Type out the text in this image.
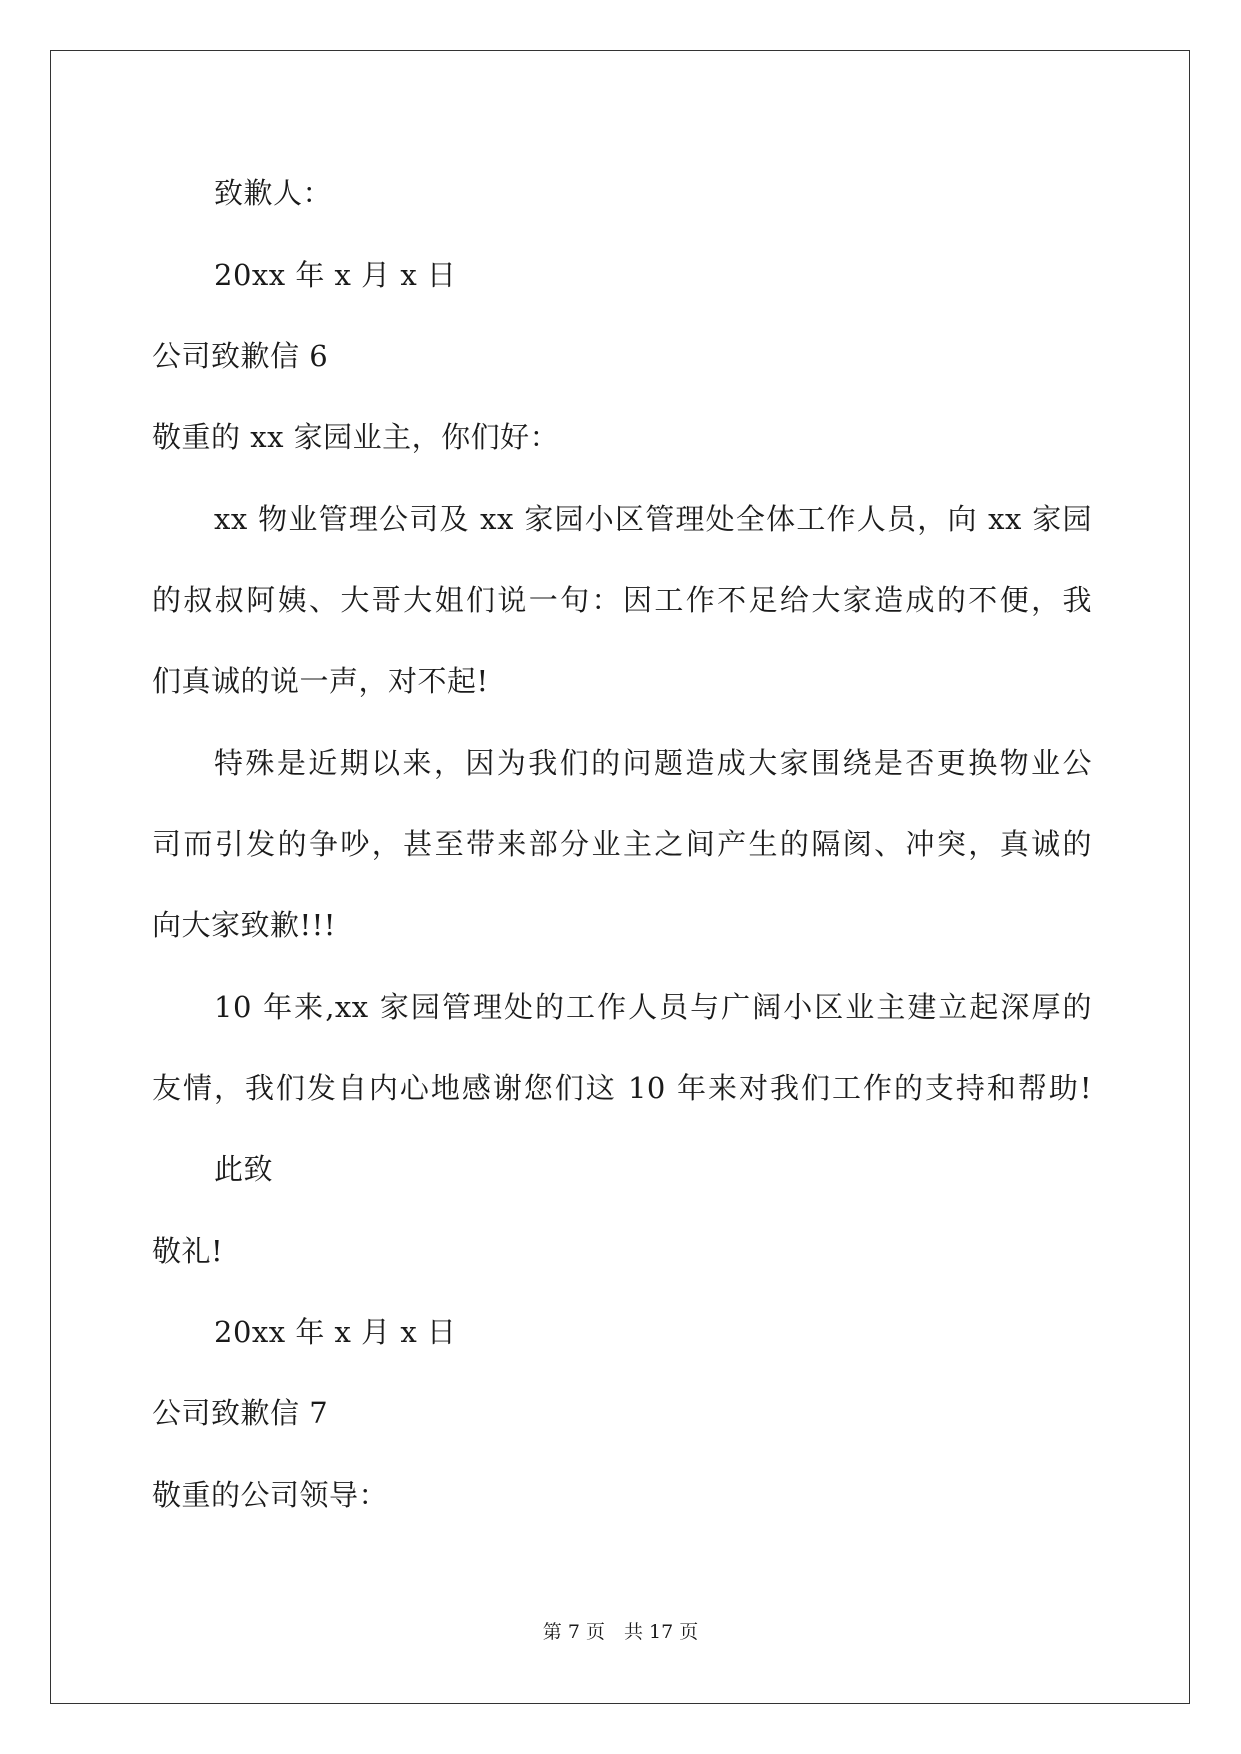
致歉人：
20xx 年 x 月 x 日
公司致歉信 6
敬重的 xx 家园业主，你们好：
xx 物业管理公司及 xx 家园小区管理处全体工作人员，向 xx 家园
的叔叔阿姨、大哥大姐们说一句：因工作不足给大家造成的不便，我
们真诚的说一声，对不起!
特殊是近期以来，因为我们的问题造成大家围绕是否更换物业公
司而引发的争吵，甚至带来部分业主之间产生的隔阂、冲突，真诚的
向大家致歉!!!
10 年来,xx 家园管理处的工作人员与广阔小区业主建立起深厚的
友情，我们发自内心地感谢您们这 10 年来对我们工作的支持和帮助!
此致
敬礼!
20xx 年 x 月 x 日
公司致歉信 7
敬重的公司领导：
第 7 页　共 17 页
